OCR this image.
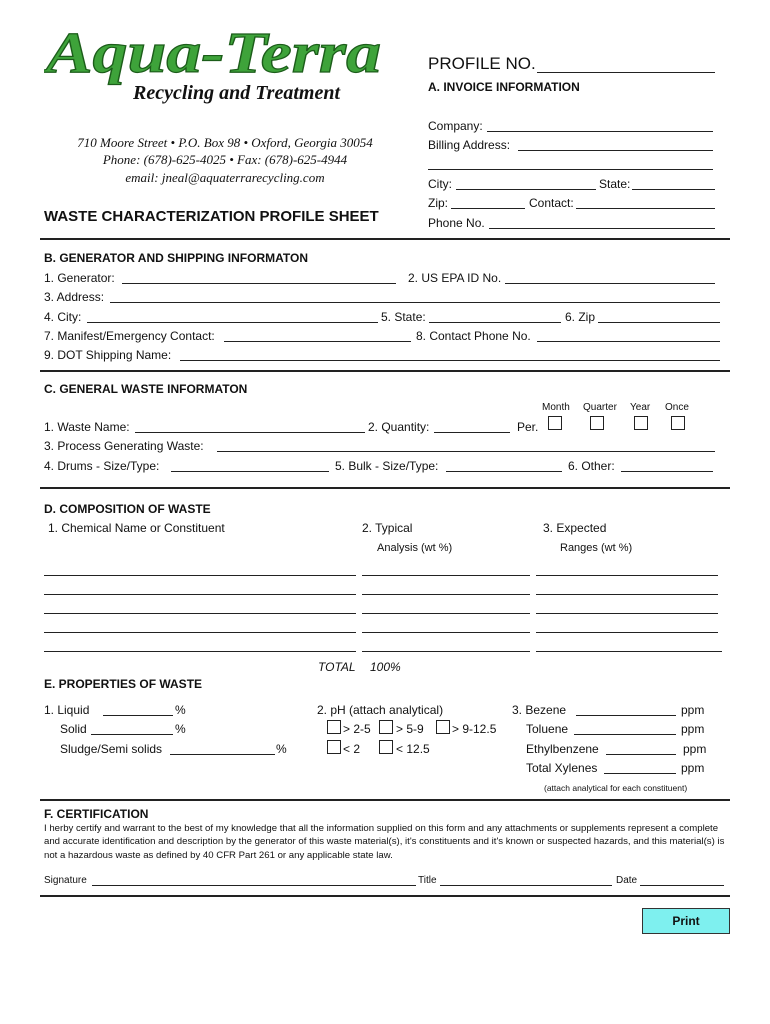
Aqua-Terra
Recycling and Treatment
710 Moore Street • P.O. Box 98 • Oxford, Georgia 30054
Phone: (678)-625-4025 • Fax: (678)-625-4944
email: jneal@aquaterrarecycling.com
WASTE CHARACTERIZATION PROFILE SHEET
PROFILE NO.
A. INVOICE INFORMATION
Company:
Billing Address:
City:	State:
Zip:	Contact:
Phone No.
B. GENERATOR AND SHIPPING INFORMATON
1. Generator:	2. US EPA ID No.
3. Address:
4. City:	5. State:	6. Zip
7. Manifest/Emergency Contact:	8. Contact Phone No.
9. DOT Shipping Name:
C. GENERAL WASTE INFORMATON
Month Quarter Year Once
1. Waste Name:	2. Quantity:	Per.
3. Process Generating Waste:
4. Drums - Size/Type:	5. Bulk - Size/Type:	6. Other:
D. COMPOSITION OF WASTE
1. Chemical Name or Constituent	2. Typical
Analysis (wt %)
3. Expected
Ranges (wt %)
TOTAL 100%
E. PROPERTIES OF WASTE
1. Liquid	%
Solid	%
Sludge/Semi solids	%
2. pH (attach analytical)
> 2-5 > 5-9 > 9-12.5
< 2	< 12.5
3. Bezene	ppm
Toluene	ppm
Ethylbenzene	ppm
Total Xylenes	ppm
(attach analytical for each constituent)
F. CERTIFICATION
I herby certify and warrant to the best of my knowledge that all the information supplied on this form and any attachments or supplements represent a complete and accurate identification and description by the generator of this waste material(s), it's constituents and it's known or suspected hazards, and this material(s) is not a hazardous waste as defined by 40 CFR Part 261 or any applicable state law.
Signature	Title	Date
Print
